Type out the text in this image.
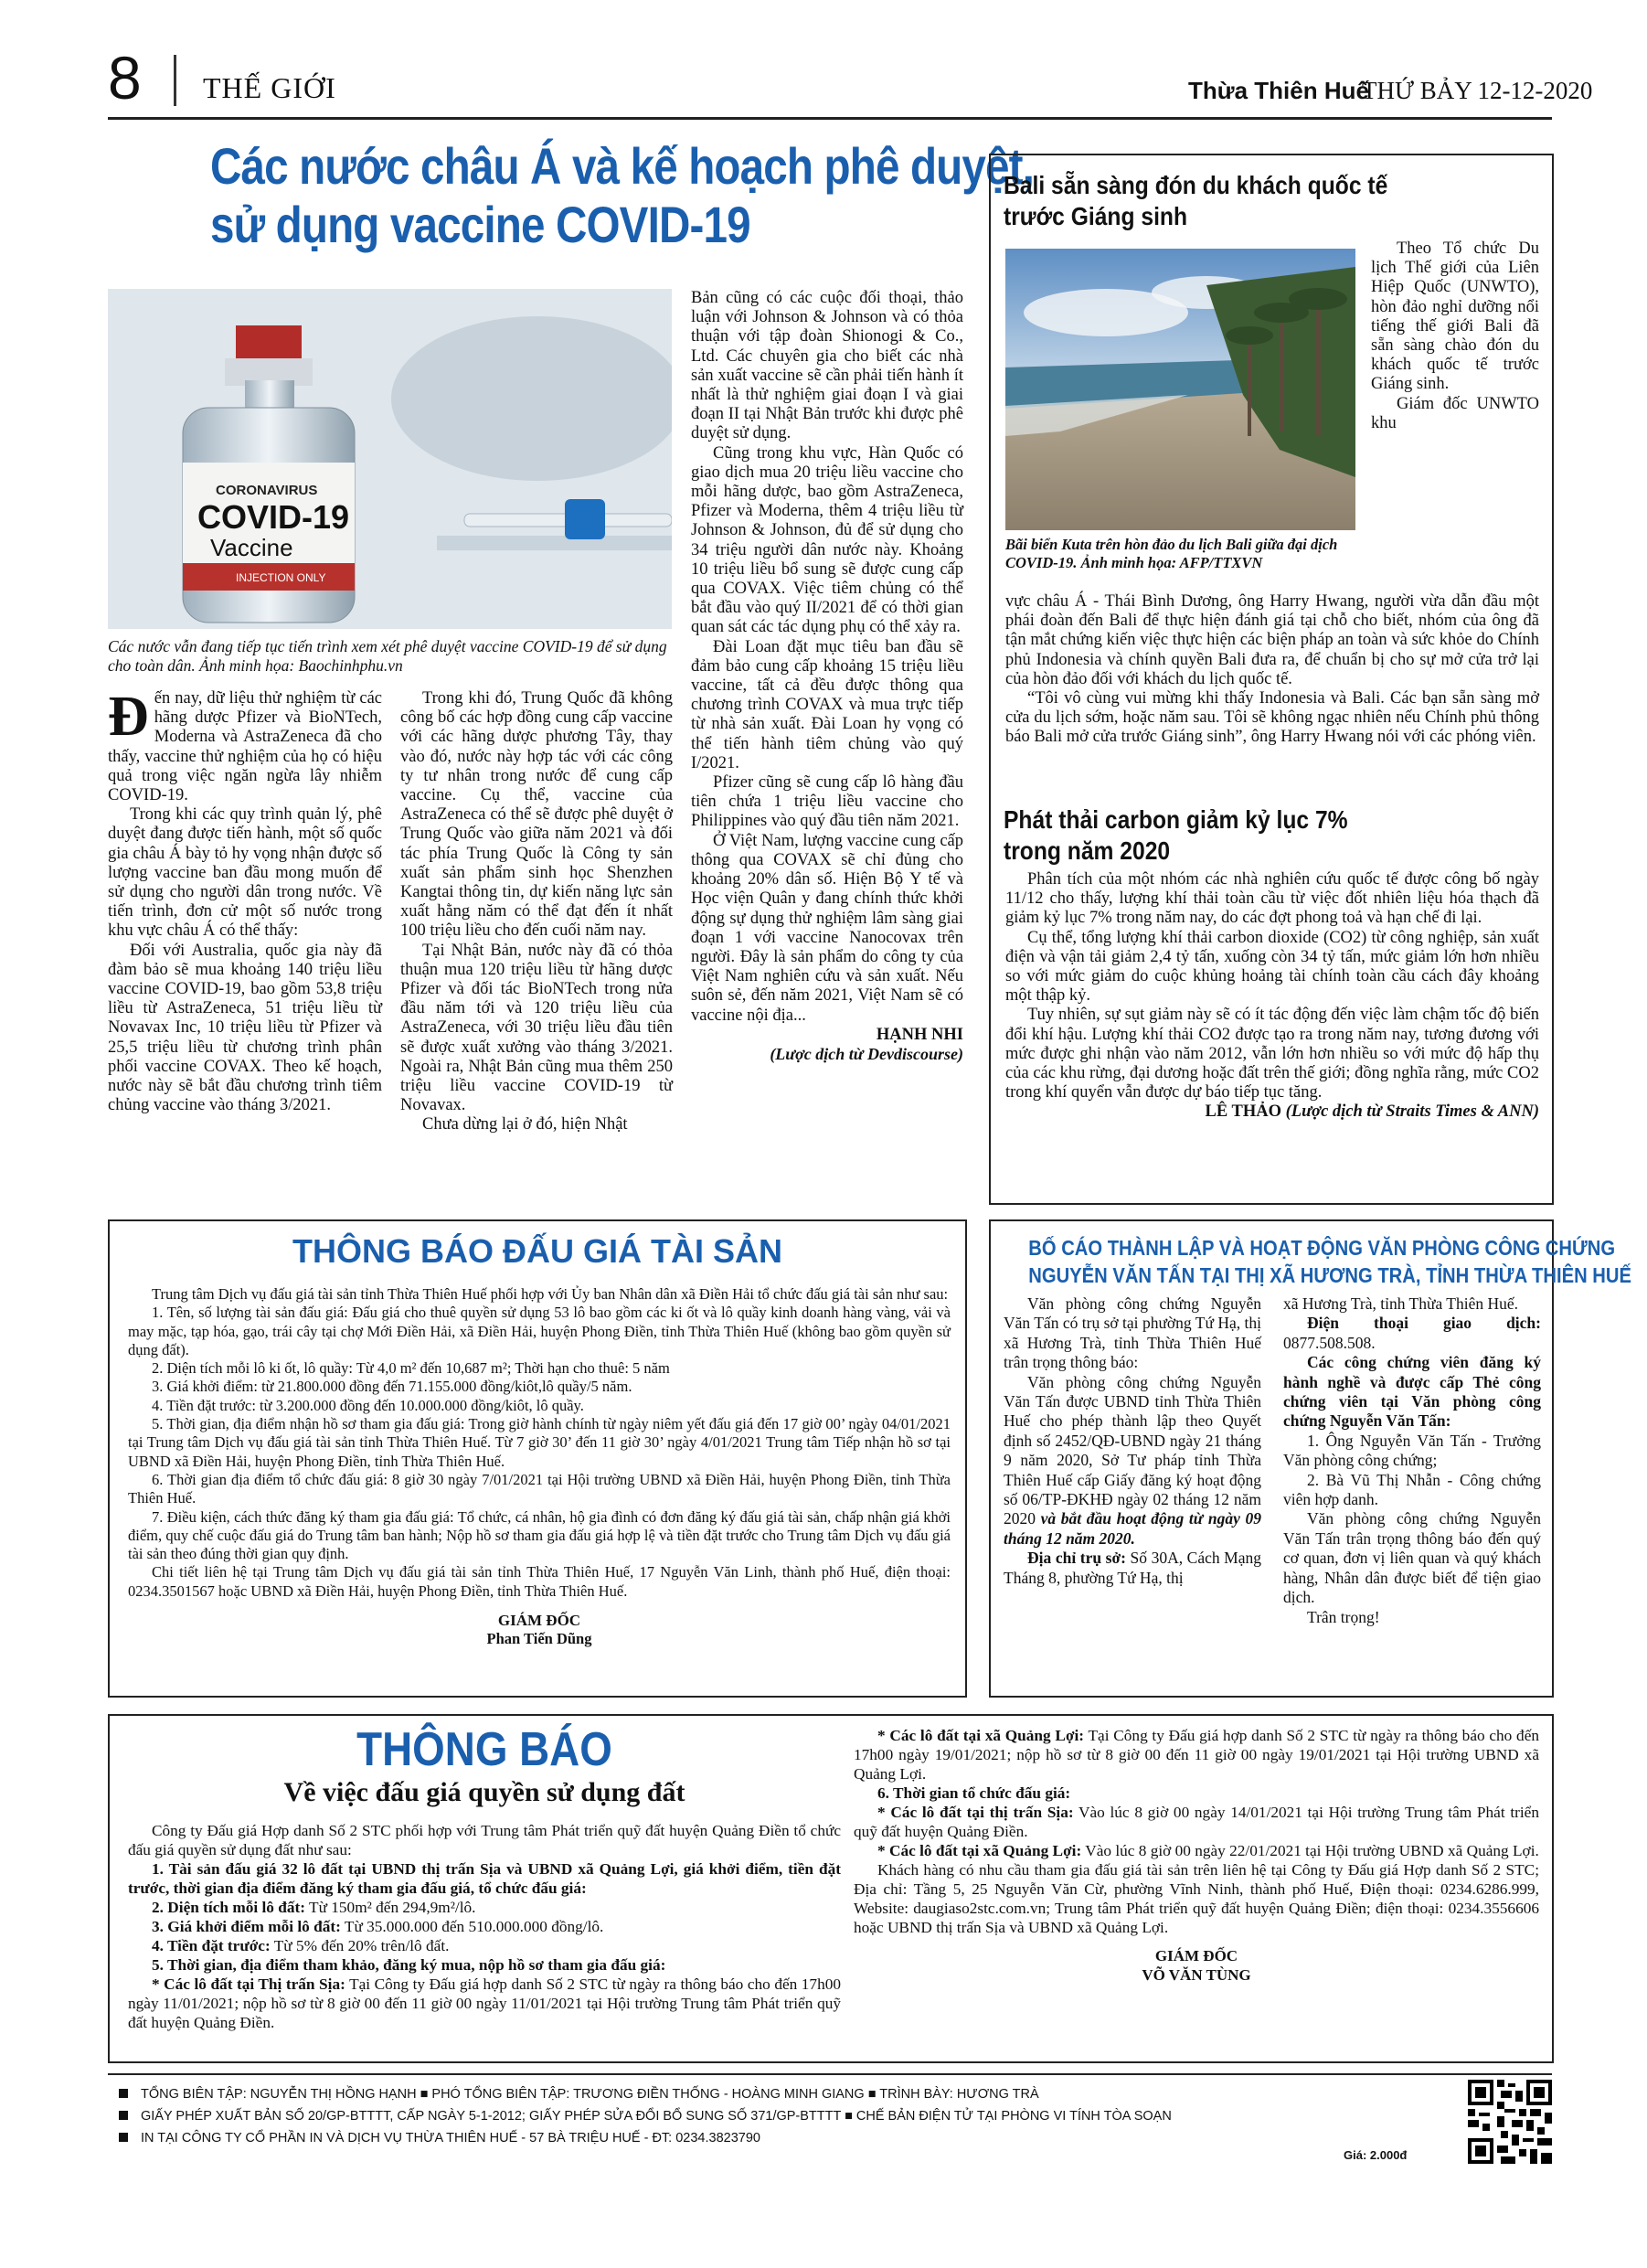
8 THẾ GIỚI	Thừa Thiên Huế
THỨ BẢY 12-12-2020
Các nước châu Á và kế hoạch phê duyệt,
sử dụng vaccine COVID-19
CORONAVIRUS
COVID-19
Vaccine
INJECTION ONLY
Các nước vẫn đang tiếp tục tiến trình xem xét phê duyệt vaccine COVID-19 để sử dụng cho toàn dân. Ảnh minh họa: Baochinhphu.vn

Đến nay, dữ liệu thử nghiệm từ các hãng dược Pfizer và BioNTech, Moderna và AstraZeneca đã cho thấy, vaccine thử nghiệm của họ có hiệu quả trong việc ngăn ngừa lây nhiễm COVID-19.

Trong khi các quy trình quản lý, phê duyệt đang được tiến hành, một số quốc gia châu Á bày tỏ hy vọng nhận được số lượng vaccine ban đầu mong muốn để sử dụng cho người dân trong nước. Về tiến trình, đơn cử một số nước trong khu vực châu Á có thể thấy:

Đối với Australia, quốc gia này đã đàm bảo sẽ mua khoảng 140 triệu liều vaccine COVID-19, bao gồm 53,8 triệu liều từ AstraZeneca, 51 triệu liều từ Novavax Inc, 10 triệu liều từ Pfizer và 25,5 triệu liều từ chương trình phân phối vaccine COVAX. Theo kế hoạch, nước này sẽ bắt đầu chương trình tiêm chủng vaccine vào tháng 3/2021.

Trong khi đó, Trung Quốc đã không công bố các hợp đồng cung cấp vaccine với các hãng dược phương Tây, thay vào đó, nước này hợp tác với các công ty tư nhân trong nước để cung cấp vaccine. Cụ thể, vaccine của AstraZeneca có thể sẽ được phê duyệt ở Trung Quốc vào giữa năm 2021 và đối tác phía Trung Quốc là Công ty sản xuất sản phẩm sinh học Shenzhen Kangtai thông tin, dự kiến năng lực sản xuất hằng năm có thể đạt đến ít nhất 100 triệu liều cho đến cuối năm nay.

Tại Nhật Bản, nước này đã có thỏa thuận mua 120 triệu liều từ hãng dược Pfizer và đối tác BioNTech trong nửa đầu năm tới và 120 triệu liều của AstraZeneca, với 30 triệu liều đầu tiên sẽ được xuất xưởng vào tháng 3/2021. Ngoài ra, Nhật Bản cũng mua thêm 250 triệu liều vaccine COVID-19 từ Novavax.

Chưa dừng lại ở đó, hiện Nhật

Bản cũng có các cuộc đối thoại, thảo luận với Johnson & Johnson và có thỏa thuận với tập đoàn Shionogi & Co., Ltd. Các chuyên gia cho biết các nhà sản xuất vaccine sẽ cần phải tiến hành ít nhất là thử nghiệm giai đoạn I và giai đoạn II tại Nhật Bản trước khi được phê duyệt sử dụng.

Cũng trong khu vực, Hàn Quốc có giao dịch mua 20 triệu liều vaccine cho mỗi hãng dược, bao gồm AstraZeneca, Pfizer và Moderna, thêm 4 triệu liều từ Johnson & Johnson, đủ để sử dụng cho 34 triệu người dân nước này. Khoảng 10 triệu liều bổ sung sẽ được cung cấp qua COVAX. Việc tiêm chủng có thể bắt đầu vào quý II/2021 để có thời gian quan sát các tác dụng phụ có thể xảy ra.

Đài Loan đặt mục tiêu ban đầu sẽ đảm bảo cung cấp khoảng 15 triệu liều vaccine, tất cả đều được thông qua chương trình COVAX và mua trực tiếp từ nhà sản xuất. Đài Loan hy vọng có thể tiến hành tiêm chủng vào quý I/2021.

Pfizer cũng sẽ cung cấp lô hàng đầu tiên chứa 1 triệu liều vaccine cho Philippines vào quý đầu tiên năm 2021.

Ở Việt Nam, lượng vaccine cung cấp thông qua COVAX sẽ chỉ đủng cho khoảng 20% dân số. Hiện Bộ Y tế và Học viện Quân y đang chính thức khởi động sự dụng thử nghiệm lâm sàng giai đoạn 1 với vaccine Nanocovax trên người. Đây là sản phẩm do công ty của Việt Nam nghiên cứu và sản xuất. Nếu suôn sẻ, đến năm 2021, Việt Nam sẽ có vaccine nội địa...

HẠNH NHI
(Lược dịch từ Devdiscourse)
Bali sẵn sàng đón du khách quốc tế
trước Giáng sinh

Theo Tổ chức Du lịch Thế giới của Liên Hiệp Quốc (UNWTO), hòn đảo nghỉ dưỡng nổi tiếng thế giới Bali đã sẵn sàng chào đón du khách quốc tế trước Giáng sinh.

Giám đốc UNWTO khu

Bãi biển Kuta trên hòn đảo du lịch Bali giữa đại dịch COVID-19. Ảnh minh họa: AFP/TTXVN

vực châu Á - Thái Bình Dương, ông Harry Hwang, người vừa dẫn đầu một phái đoàn đến Bali để thực hiện đánh giá tại chỗ cho biết, nhóm của ông đã tận mắt chứng kiến việc thực hiện các biện pháp an toàn và sức khỏe do Chính phủ Indonesia và chính quyền Bali đưa ra, để chuẩn bị cho sự mở cửa trở lại của hòn đảo đối với khách du lịch quốc tế.

“Tôi vô cùng vui mừng khi thấy Indonesia và Bali. Các bạn sẵn sàng mở cửa du lịch sớm, hoặc năm sau. Tôi sẽ không ngạc nhiên nếu Chính phủ thông báo Bali mở cửa trước Giáng sinh”, ông Harry Hwang nói với các phóng viên.

Phát thải carbon giảm kỷ lục 7%
trong năm 2020

Phân tích của một nhóm các nhà nghiên cứu quốc tế được công bố ngày 11/12 cho thấy, lượng khí thải toàn cầu từ việc đốt nhiên liệu hóa thạch đã giảm kỷ lục 7% trong năm nay, do các đợt phong toả và hạn chế đi lại.

Cụ thể, tổng lượng khí thải carbon dioxide (CO2) từ công nghiệp, sản xuất điện và vận tải giảm 2,4 tỷ tấn, xuống còn 34 tỷ tấn, mức giảm lớn hơn nhiều so với mức giảm do cuộc khủng hoảng tài chính toàn cầu cách đây khoảng một thập kỷ.

Tuy nhiên, sự sụt giảm này sẽ có ít tác động đến việc làm chậm tốc độ biến đổi khí hậu. Lượng khí thải CO2 được tạo ra trong năm nay, tương đương với mức được ghi nhận vào năm 2012, vẫn lớn hơn nhiều so với mức độ hấp thụ của các khu rừng, đại dương hoặc đất trên thế giới; đồng nghĩa rằng, mức CO2 trong khí quyển vẫn được dự báo tiếp tục tăng.

LÊ THẢO (Lược dịch từ Straits Times & ANN)
THÔNG BÁO ĐẤU GIÁ TÀI SẢN

Trung tâm Dịch vụ đấu giá tài sản tỉnh Thừa Thiên Huế phối hợp với Ủy ban Nhân dân xã Điền Hải tổ chức đấu giá tài sản như sau:

1. Tên, số lượng tài sản đấu giá: Đấu giá cho thuê quyền sử dụng 53 lô bao gồm các ki ốt và lô quầy kinh doanh hàng vàng, vải và may mặc, tạp hóa, gạo, trái cây tại chợ Mới Điền Hải, xã Điền Hải, huyện Phong Điền, tỉnh Thừa Thiên Huế (không bao gồm quyền sử dụng đất).

2. Diện tích mỗi lô ki ốt, lô quầy: Từ 4,0 m² đến 10,687 m²; Thời hạn cho thuê: 5 năm

3. Giá khởi điểm: từ 21.800.000 đồng đến 71.155.000 đồng/kiôt,lô quầy/5 năm.

4. Tiền đặt trước: từ 3.200.000 đồng đến 10.000.000 đồng/kiôt, lô quầy.

5. Thời gian, địa điểm nhận hồ sơ tham gia đấu giá: Trong giờ hành chính từ ngày niêm yết đấu giá đến 17 giờ 00’ ngày 04/01/2021 tại Trung tâm Dịch vụ đấu giá tài sản tỉnh Thừa Thiên Huế. Từ 7 giờ 30’ đến 11 giờ 30’ ngày 4/01/2021 Trung tâm Tiếp nhận hồ sơ tại UBND xã Điền Hải, huyện Phong Điền, tỉnh Thừa Thiên Huế.

6. Thời gian địa điểm tổ chức đấu giá: 8 giờ 30 ngày 7/01/2021 tại Hội trường UBND xã Điền Hải, huyện Phong Điền, tỉnh Thừa Thiên Huế.

7. Điều kiện, cách thức đăng ký tham gia đấu giá: Tổ chức, cá nhân, hộ gia đình có đơn đăng ký đấu giá tài sản, chấp nhận giá khởi điểm, quy chế cuộc đấu giá do Trung tâm ban hành; Nộp hồ sơ tham gia đấu giá hợp lệ và tiền đặt trước cho Trung tâm Dịch vụ đấu giá tài sản theo đúng thời gian quy định.

Chi tiết liên hệ tại Trung tâm Dịch vụ đấu giá tài sản tỉnh Thừa Thiên Huế, 17 Nguyễn Văn Linh, thành phố Huế, điện thoại: 0234.3501567 hoặc UBND xã Điền Hải, huyện Phong Điền, tỉnh Thừa Thiên Huế.

GIÁM ĐỐC
Phan Tiến Dũng
BỐ CÁO THÀNH LẬP VÀ HOẠT ĐỘNG VĂN PHÒNG CÔNG CHỨNG
NGUYỄN VĂN TẤN TẠI THỊ XÃ HƯƠNG TRÀ, TỈNH THỪA THIÊN HUẾ

Văn phòng công chứng Nguyễn Văn Tấn có trụ sở tại phường Tứ Hạ, thị xã Hương Trà, tỉnh Thừa Thiên Huế trân trọng thông báo:

Văn phòng công chứng Nguyễn Văn Tấn được UBND tỉnh Thừa Thiên Huế cho phép thành lập theo Quyết định số 2452/QĐ-UBND ngày 21 tháng 9 năm 2020, Sở Tư pháp tỉnh Thừa Thiên Huế cấp Giấy đăng ký hoạt động số 06/TP-ĐKHĐ ngày 02 tháng 12 năm 2020 và bắt đầu hoạt động từ ngày 09 tháng 12 năm 2020.

Địa chỉ trụ sở: Số 30A, Cách Mạng Tháng 8, phường Tứ Hạ, thị

xã Hương Trà, tỉnh Thừa Thiên Huế.

Điện thoại giao dịch: 0877.508.508.

Các công chứng viên đăng ký hành nghề và được cấp Thẻ công chứng viên tại Văn phòng công chứng Nguyễn Văn Tấn:

1. Ông Nguyễn Văn Tấn - Trưởng Văn phòng công chứng;

2. Bà Vũ Thị Nhẫn - Công chứng viên hợp danh.

Văn phòng công chứng Nguyễn Văn Tấn trân trọng thông báo đến quý cơ quan, đơn vị liên quan và quý khách hàng, Nhân dân được biết để tiện giao dịch.

Trân trọng!

THÔNG BÁO
Về việc đấu giá quyền sử dụng đất

Công ty Đấu giá Hợp danh Số 2 STC phối hợp với Trung tâm Phát triển quỹ đất huyện Quảng Điền tổ chức đấu giá quyền sử dụng đất như sau:

1. Tài sản đấu giá 32 lô đất tại UBND thị trấn Sịa và UBND xã Quảng Lợi, giá khởi điểm, tiền đặt trước, thời gian địa điểm đăng ký tham gia đấu giá, tổ chức đấu giá:

2. Diện tích mỗi lô đất: Từ 150m² đến 294,9m²/lô.

3. Giá khởi điểm mỗi lô đất: Từ 35.000.000 đến 510.000.000 đồng/lô.

4. Tiền đặt trước: Từ 5% đến 20% trên/lô đất.

5. Thời gian, địa điểm tham khảo, đăng ký mua, nộp hồ sơ tham gia đấu giá:

* Các lô đất tại Thị trấn Sịa: Tại Công ty Đấu giá hợp danh Số 2 STC từ ngày ra thông báo cho đến 17h00 ngày 11/01/2021; nộp hồ sơ từ 8 giờ 00 đến 11 giờ 00 ngày 11/01/2021 tại Hội trường Trung tâm Phát triển quỹ đất huyện Quảng Điền.

* Các lô đất tại xã Quảng Lợi: Tại Công ty Đấu giá hợp danh Số 2 STC từ ngày ra thông báo cho đến 17h00 ngày 19/01/2021; nộp hồ sơ từ 8 giờ 00 đến 11 giờ 00 ngày 19/01/2021 tại Hội trường UBND xã Quảng Lợi.

6. Thời gian tổ chức đấu giá:

* Các lô đất tại thị trấn Sịa: Vào lúc 8 giờ 00 ngày 14/01/2021 tại Hội trường Trung tâm Phát triển quỹ đất huyện Quảng Điền.

* Các lô đất tại xã Quảng Lợi: Vào lúc 8 giờ 00 ngày 22/01/2021 tại Hội trường UBND xã Quảng Lợi.

Khách hàng có nhu cầu tham gia đấu giá tài sản trên liên hệ tại Công ty Đấu giá Hợp danh Số 2 STC; Địa chỉ: Tầng 5, 25 Nguyễn Văn Cừ, phường Vĩnh Ninh, thành phố Huế, Điện thoại: 0234.6286.999, Website: daugiaso2stc.com.vn; Trung tâm Phát triển quỹ đất huyện Quảng Điền; điện thoại: 0234.3556606 hoặc UBND thị trấn Sịa và UBND xã Quảng Lợi.

GIÁM ĐỐC
VÕ VĂN TÙNG
TỔNG BIÊN TẬP: NGUYỄN THỊ HỒNG HẠNH ■ PHÓ TỔNG BIÊN TẬP: TRƯƠNG ĐIỀN THỐNG - HOÀNG MINH GIANG ■ TRÌNH BÀY: HƯƠNG TRÀ
GIẤY PHÉP XUẤT BẢN SỐ 20/GP-BTTTT, CẤP NGÀY 5-1-2012; GIẤY PHÉP SỬA ĐỔI BỔ SUNG SỐ 371/GP-BTTTT ■ CHẾ BẢN ĐIỆN TỬ TẠI PHÒNG VI TÍNH TÒA SOẠN
IN TẠI CÔNG TY CỔ PHẦN IN VÀ DỊCH VỤ THỪA THIÊN HUẾ - 57 BÀ TRIỆU HUẾ - ĐT: 0234.3823790
Giá: 2.000đ
